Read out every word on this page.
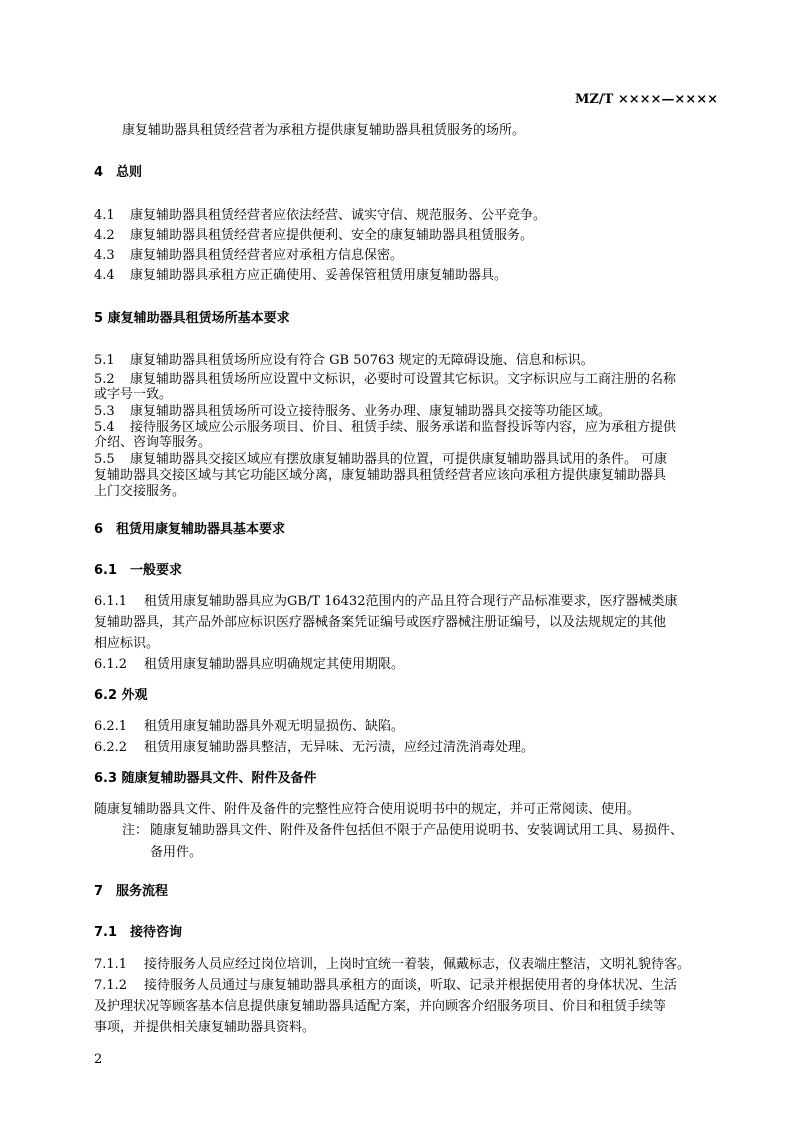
MZ/T ××××—××××
康复辅助器具租赁经营者为承租方提供康复辅助器具租赁服务的场所。
4　总则
4.1 康复辅助器具租赁经营者应依法经营、诚实守信、规范服务、公平竞争。
4.2 康复辅助器具租赁经营者应提供便利、安全的康复辅助器具租赁服务。
4.3 康复辅助器具租赁经营者应对承租方信息保密。
4.4 康复辅助器具承租方应正确使用、妥善保管租赁用康复辅助器具。
5 康复辅助器具租赁场所基本要求
5.1 康复辅助器具租赁场所应设有符合 GB 50763 规定的无障碍设施、信息和标识。
5.2 康复辅助器具租赁场所应设置中文标识，必要时可设置其它标识。文字标识应与工商注册的名称
或字号一致。
5.3 康复辅助器具租赁场所可设立接待服务、业务办理、康复辅助器具交接等功能区域。
5.4 接待服务区域应公示服务项目、价目、租赁手续、服务承诺和监督投诉等内容，应为承租方提供
介绍、咨询等服务。
5.5 康复辅助器具交接区域应有摆放康复辅助器具的位置，可提供康复辅助器具试用的条件。 可康
复辅助器具交接区域与其它功能区域分离，康复辅助器具租赁经营者应该向承租方提供康复辅助器具
上门交接服务。
6　租赁用康复辅助器具基本要求
6.1　一般要求
6.1.1 租赁用康复辅助器具应为GB/T 16432范围内的产品且符合现行产品标准要求，医疗器械类康
复辅助器具，其产品外部应标识医疗器械备案凭证编号或医疗器械注册证编号，以及法规规定的其他
相应标识。
6.1.2 租赁用康复辅助器具应明确规定其使用期限。
6.2 外观
6.2.1 租赁用康复辅助器具外观无明显损伤、缺陷。
6.2.2 租赁用康复辅助器具整洁，无异味、无污渍，应经过清洗消毒处理。
6.3 随康复辅助器具文件、附件及备件
随康复辅助器具文件、附件及备件的完整性应符合使用说明书中的规定，并可正常阅读、使用。
注： 随康复辅助器具文件、附件及备件包括但不限于产品使用说明书、安装调试用工具、易损件、
备用件。
7　服务流程
7.1　接待咨询
7.1.1 接待服务人员应经过岗位培训，上岗时宜统一着装，佩戴标志，仪表端庄整洁，文明礼貌待客。
7.1.2 接待服务人员通过与康复辅助器具承租方的面谈，听取、记录并根据使用者的身体状况、生活
及护理状况等顾客基本信息提供康复辅助器具适配方案，并向顾客介绍服务项目、价目和租赁手续等
事项，并提供相关康复辅助器具资料。
2
